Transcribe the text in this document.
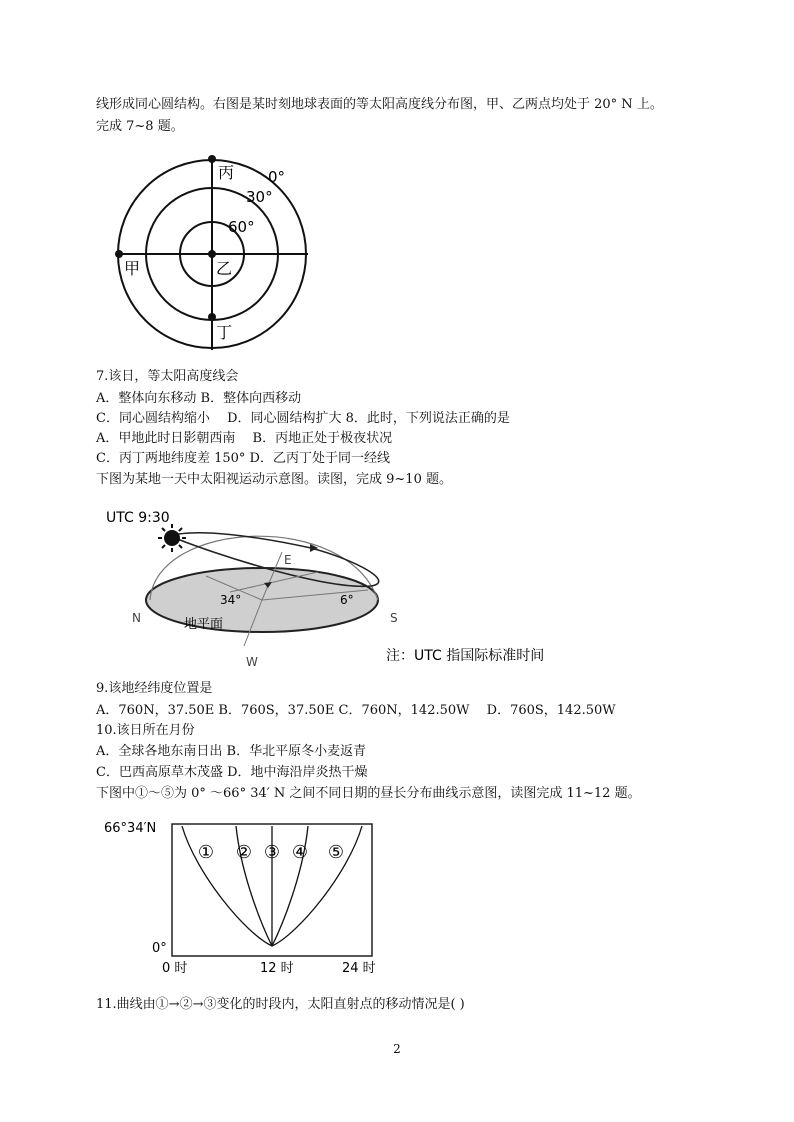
线形成同心圆结构。右图是某时刻地球表面的等太阳高度线分布图，甲、乙两点均处于 20° N 上。
完成 7~8 题。
丙
甲	乙
丁
0°
30°
60°
7.该日，等太阳高度线会
A．整体向东移动 B．整体向西移动
C．同心圆结构缩小　 D．同心圆结构扩大 8．此时，下列说法正确的是
A．甲地此时日影朝西南　 B．丙地正处于极夜状况
C．丙丁两地纬度差 150° D．乙丙丁处于同一经线
下图为某地一天中太阳视运动示意图。读图，完成 9~10 题。
UTC 9:30
E
N	S
W
34°	6°
地平面
注：UTC 指国际标准时间
9.该地经纬度位置是
A．760N，37.50E B．760S，37.50E C．760N，142.50W　 D．760S，142.50W
10.该日所在月份
A．全球各地东南日出 B．华北平原冬小麦返青
C．巴西高原草木茂盛 D．地中海沿岸炎热干燥
下图中①～⑤为 0° ～66° 34′ N 之间不同日期的昼长分布曲线示意图，读图完成 11~12 题。
① ② ③ ④ ⑤
66°34′N
0°
0 时	12 时	24 时
11.曲线由①→②→③变化的时段内，太阳直射点的移动情况是( )
2
